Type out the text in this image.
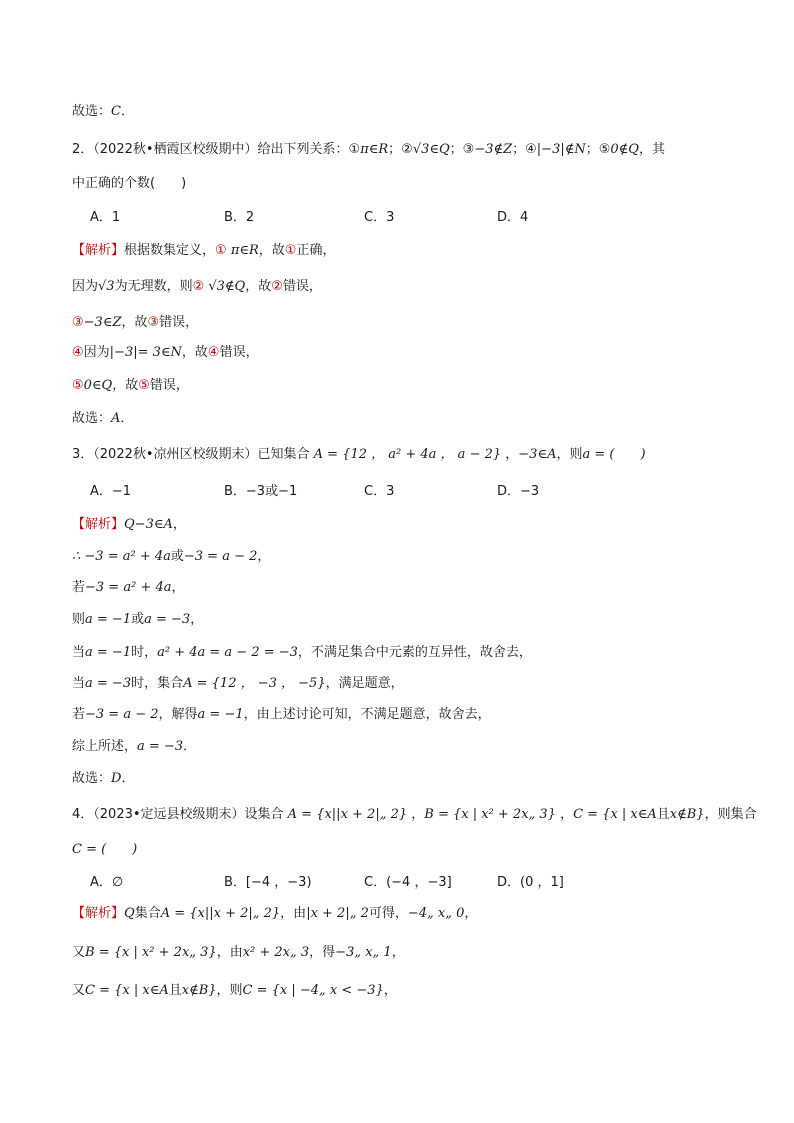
故选：C．
2．（2022秋•栖霞区校级期中）给出下列关系：①π∈R；②√3∈Q；③−3∉Z；④|−3|∉N；⑤0∉Q，其
中正确的个数(　　)
【解析】根据数集定义，① π∈R，故①正确，
因为√3为无理数，则② √3∉Q，故②错误，
③−3∈Z，故③错误，
④因为|−3|= 3∈N，故④错误，
⑤0∈Q，故⑤错误，
故选：A．
3．（2022秋•凉州区校级期末）已知集合 A = {12 ， a² + 4a ， a − 2} ，−3∈A，则a = (　　)
【解析】Q−3∈A，
∴ −3 = a² + 4a或−3 = a − 2，
若−3 = a² + 4a，
则a = −1或a = −3，
当a = −1时，a² + 4a = a − 2 = −3，不满足集合中元素的互异性，故舍去，
当a = −3时，集合A = {12 ， −3 ， −5}，满足题意，
若−3 = a − 2，解得a = −1，由上述讨论可知，不满足题意，故舍去，
综上所述，a = −3．
故选：D．
4．（2023•定远县校级期末）设集合 A = {x||x + 2|„ 2} ，B = {x | x² + 2x„ 3} ，C = {x | x∈A且x∉B}，则集合
C = (　　)
【解析】Q集合A = {x||x + 2|„ 2}，由|x + 2|„ 2可得，−4„ x„ 0，
又B = {x | x² + 2x„ 3}，由x² + 2x„ 3，得−3„ x„ 1，
又C = {x | x∈A且x∉B}，则C = {x | −4„ x < −3}，
A．1	B．2	C．3	D．4
A．−1	B．−3或−1	C．3	D．−3
A．∅	B．[−4 ，−3)	C．(−4 ，−3]	D．(0 ，1]
